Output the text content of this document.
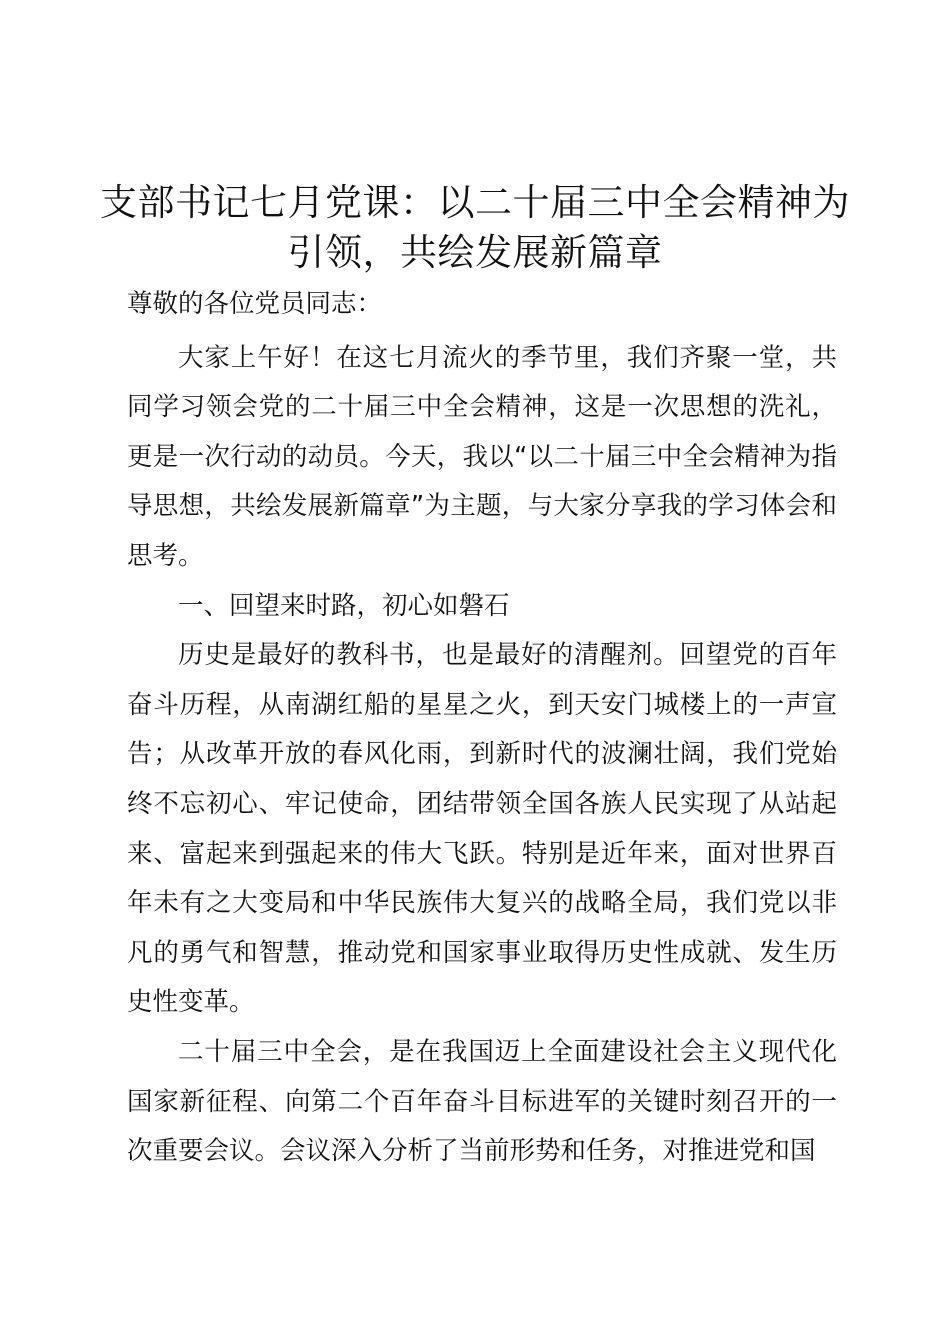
支部书记七月党课：以二十届三中全会精神为
引领，共绘发展新篇章

尊敬的各位党员同志：

大家上午好！在这七月流火的季节里，我们齐聚一堂，共同学习领会党的二十届三中全会精神，这是一次思想的洗礼，更是一次行动的动员。今天，我以“以二十届三中全会精神为指导思想，共绘发展新篇章”为主题，与大家分享我的学习体会和思考。

一、回望来时路，初心如磐石

历史是最好的教科书，也是最好的清醒剂。回望党的百年奋斗历程，从南湖红船的星星之火，到天安门城楼上的一声宣告；从改革开放的春风化雨，到新时代的波澜壮阔，我们党始终不忘初心、牢记使命，团结带领全国各族人民实现了从站起来、富起来到强起来的伟大飞跃。特别是近年来，面对世界百年未有之大变局和中华民族伟大复兴的战略全局，我们党以非凡的勇气和智慧，推动党和国家事业取得历史性成就、发生历史性变革。

二十届三中全会，是在我国迈上全面建设社会主义现代化国家新征程、向第二个百年奋斗目标进军的关键时刻召开的一次重要会议。会议深入分析了当前形势和任务，对推进党和国
